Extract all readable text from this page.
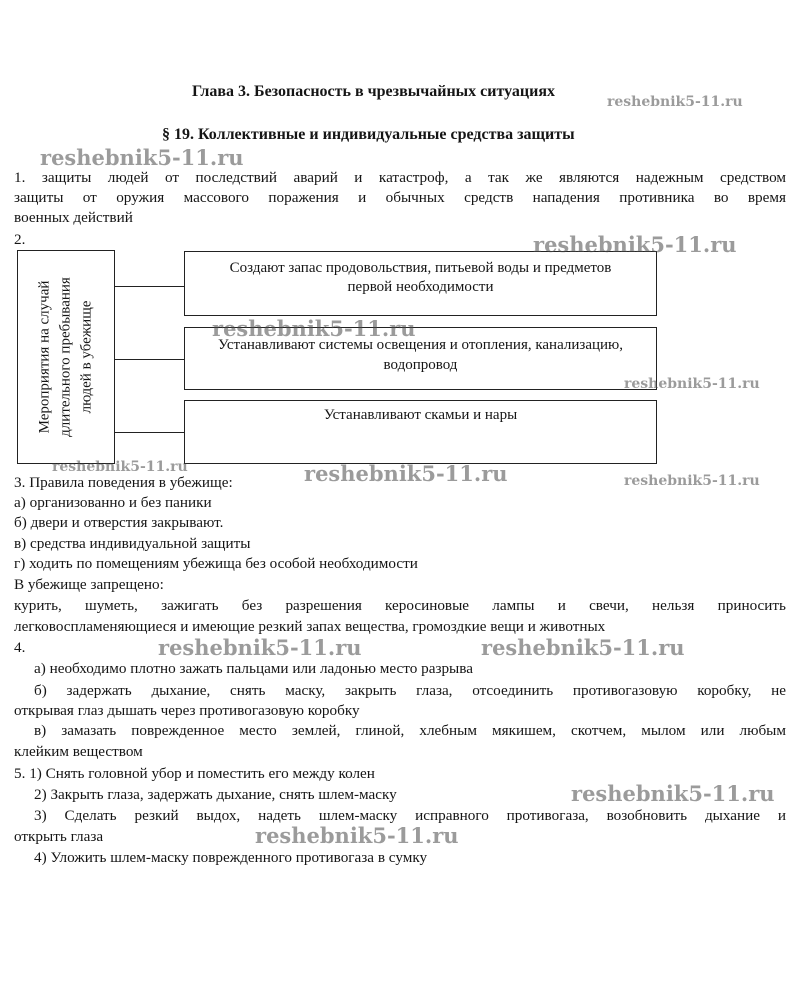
Глава 3. Безопасность в чрезвычайных ситуациях
§ 19. Коллективные и индивидуальные средства защиты
1. защиты людей от последствий аварий и катастроф, а так же являются надежным средством
защиты от оружия массового поражения и обычных средств нападения противника во время
военных действий
2.
Мероприятия на случай длительного пребывания людей в убежище
Создают запас продовольствия, питьевой воды и предметов
первой необходимости
Устанавливают системы освещения и отопления, канализацию,
водопровод
Устанавливают скамьи и нары
3. Правила поведения в убежище:
а) организованно и без паники
б) двери и отверстия закрывают.
в) средства индивидуальной защиты
г) ходить по помещениям убежища без особой необходимости
В убежище запрещено:
курить, шуметь, зажигать без разрешения керосиновые лампы и свечи, нельзя приносить
легковоспламеняющиеся и имеющие резкий запах вещества, громоздкие вещи и животных
4.
а) необходимо плотно зажать пальцами или ладонью место разрыва
б) задержать дыхание, снять маску, закрыть глаза, отсоединить противогазовую коробку, не
открывая глаз дышать через противогазовую коробку
в) замазать поврежденное место землей, глиной, хлебным мякишем, скотчем, мылом или любым
клейким веществом
5. 1) Снять головной убор и поместить его между колен
2) Закрыть глаза, задержать дыхание, снять шлем-маску
3) Сделать резкий выдох, надеть шлем-маску исправного противогаза, возобновить дыхание и
открыть глаза
4) Уложить шлем-маску поврежденного противогаза в сумку
reshebnik5-11.ru
reshebnik5-11.ru
reshebnik5-11.ru
reshebnik5-11.ru
reshebnik5-11.ru
reshebnik5-11.ru	reshebnik5-11.ru	reshebnik5-11.ru
reshebnik5-11.ru	reshebnik5-11.ru
reshebnik5-11.ru
reshebnik5-11.ru
